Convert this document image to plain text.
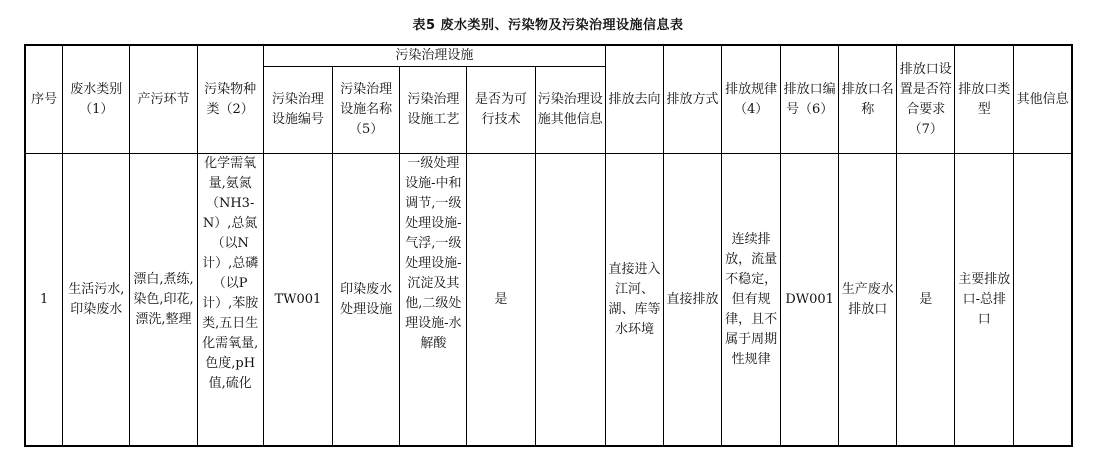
表5 废水类别、污染物及污染治理设施信息表
序号	废水类别（1）	产污环节	污染物种类（2）	污染治理设施					排放去向	排放方式	排放规律（4）	排放口编号（6）	排放口名称	排放口设置是否符合要求（7）	排放口类型	其他信息
				污染治理设施编号	污染治理设施名称（5）	污染治理设施工艺	是否为可行技术	污染治理设施其他信息								
1	生活污水,印染废水	漂白,煮练,染色,印花,漂洗,整理	化学需氧量,氨氮（NH3-N）,总氮（以N计）,总磷（以P计）,苯胺类,五日生化需氧量,色度,pH值,硫化	TW001	印染废水处理设施	一级处理设施-中和调节,一级处理设施-气浮,一级处理设施-沉淀及其他,二级处理设施-水解酸	是		直接进入江河、湖、库等水环境	直接排放	连续排放，流量不稳定，但有规律，且不属于周期性规律	DW001	生产废水排放口	是	主要排放口-总排口	
